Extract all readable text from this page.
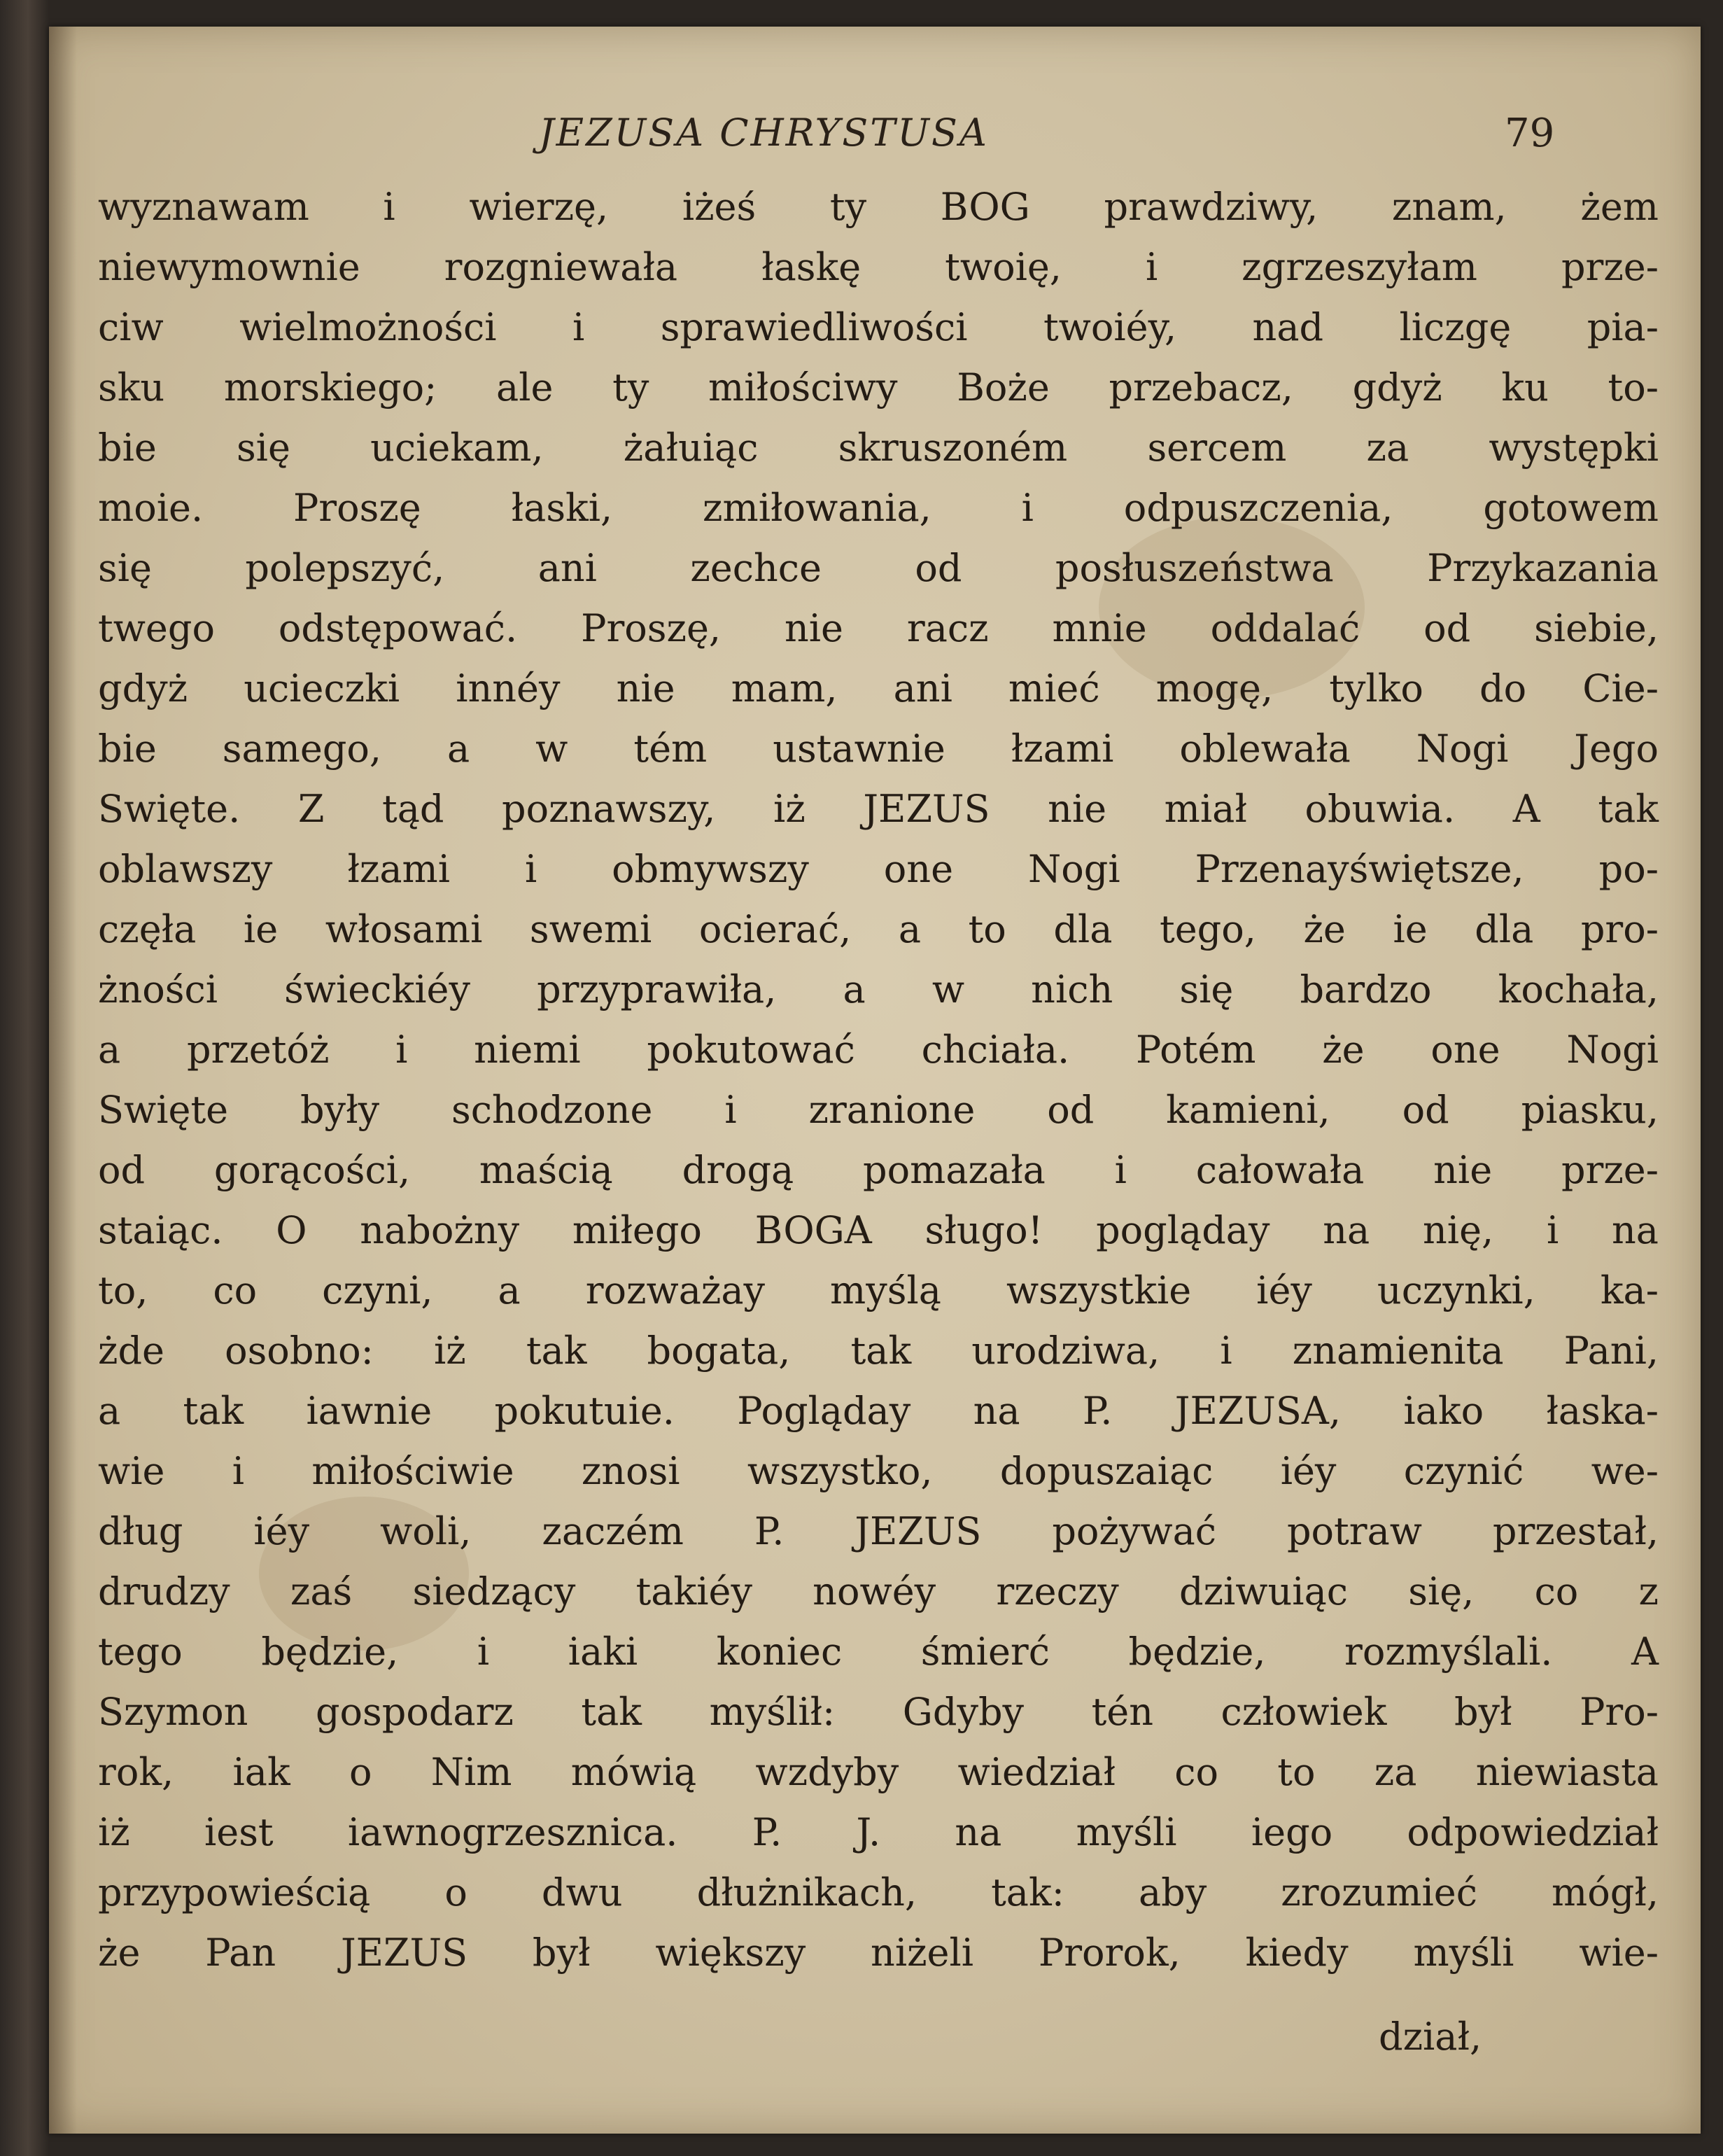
JEZUSA CHRYSTUSA	79
wyznawam i wierzę, iżeś ty BOG prawdziwy, znam, żem
niewymownie rozgniewała łaskę twoię, i zgrzeszyłam prze-
ciw wielmożności i sprawiedliwości twoiéy, nad liczgę pia-
sku morskiego; ale ty miłościwy Boże przebacz, gdyż ku to-
bie się uciekam, żałuiąc skruszoném sercem za występki
moie. Proszę łaski, zmiłowania, i odpuszczenia, gotowem
się polepszyć, ani zechce od posłuszeństwa Przykazania
twego odstępować. Proszę, nie racz mnie oddalać od siebie,
gdyż ucieczki innéy nie mam, ani mieć mogę, tylko do Cie-
bie samego, a w tém ustawnie łzami oblewała Nogi Jego
Swięte. Z tąd poznawszy, iż JEZUS nie miał obuwia. A tak
oblawszy łzami i obmywszy one Nogi Przenayświętsze, po-
częła ie włosami swemi ocierać, a to dla tego, że ie dla pro-
żności świeckiéy przyprawiła, a w nich się bardzo kochała,
a przetóż i niemi pokutować chciała. Potém że one Nogi
Swięte były schodzone i zranione od kamieni, od piasku,
od gorącości, maścią drogą pomazała i całowała nie prze-
staiąc. O nabożny miłego BOGA sługo! pogląday na nię, i na
to, co czyni, a rozważay myślą wszystkie iéy uczynki, ka-
żde osobno: iż tak bogata, tak urodziwa, i znamienita Pani,
a tak iawnie pokutuie. Pogląday na P. JEZUSA, iako łaska-
wie i miłościwie znosi wszystko, dopuszaiąc iéy czynić we-
dług iéy woli, zaczém P. JEZUS pożywać potraw przestał,
drudzy zaś siedzący takiéy nowéy rzeczy dziwuiąc się, co z
tego będzie, i iaki koniec śmierć będzie, rozmyślali. A
Szymon gospodarz tak myślił: Gdyby tén człowiek był Pro-
rok, iak o Nim mówią wzdyby wiedział co to za niewiasta
iż iest iawnogrzesznica. P. J. na myśli iego odpowiedział
przypowieścią o dwu dłużnikach, tak: aby zrozumieć mógł,
że Pan JEZUS był większy niżeli Prorok, kiedy myśli wie-
dział,
